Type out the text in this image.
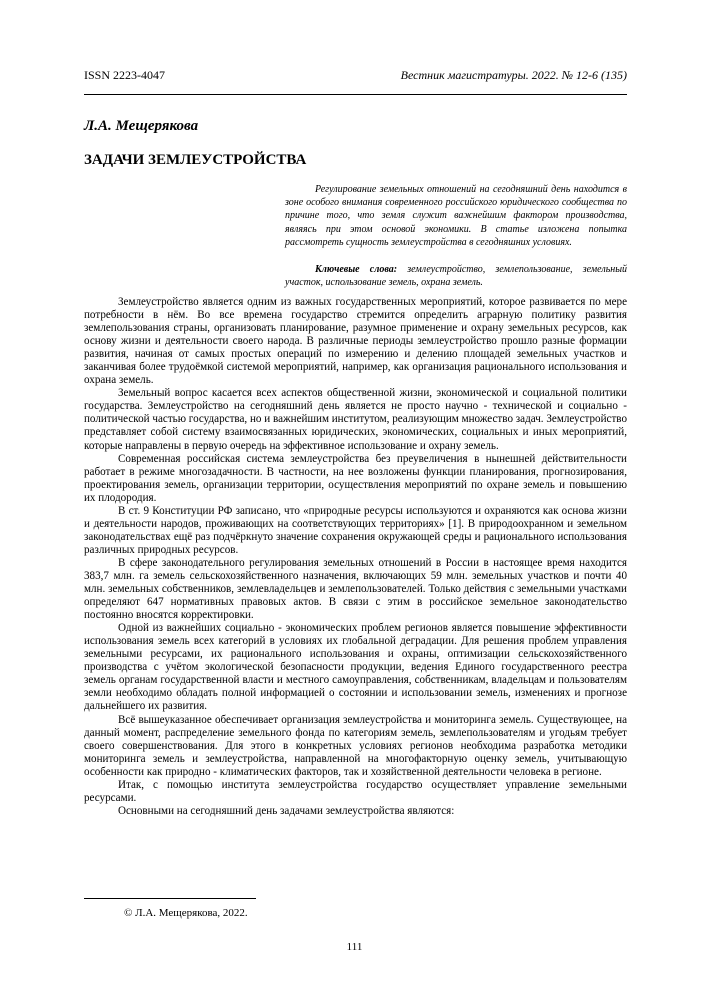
ISSN 2223-4047	Вестник магистратуры. 2022. № 12-6 (135)
Л.А. Мещерякова
ЗАДАЧИ ЗЕМЛЕУСТРОЙСТВА

Регулирование земельных отношений на сегодняшний день находится в зоне особого внимания современного российского юридического сообщества по причине того, что земля служит важнейшим фактором производства, являясь при этом основой экономики. В статье изложена попытка рассмотреть сущность землеустройства в сегодняшних условиях.

Ключевые слова: землеустройство, землепользование, земельный участок, использование земель, охрана земель.

Землеустройство является одним из важных государственных мероприятий, которое развивается по мере потребности в нём. Во все времена государство стремится определить аграрную политику развития землепользования страны, организовать планирование, разумное применение и охрану земельных ресурсов, как основу жизни и деятельности своего народа. В различные периоды землеустройство прошло разные формации развития, начиная от самых простых операций по измерению и делению площадей земельных участков и заканчивая более трудоёмкой системой мероприятий, например, как организация рационального использования и охрана земель.

Земельный вопрос касается всех аспектов общественной жизни, экономической и социальной политики государства. Землеустройство на сегодняшний день является не просто научно - технической и социально - политической частью государства, но и важнейшим институтом, реализующим множество задач. Землеустройство представляет собой систему взаимосвязанных юридических, экономических, социальных и иных мероприятий, которые направлены в первую очередь на эффективное использование и охрану земель.

Современная российская система землеустройства без преувеличения в нынешней действительности работает в режиме многозадачности. В частности, на нее возложены функции планирования, прогнозирования, проектирования земель, организации территории, осуществления мероприятий по охране земель и повышению их плодородия.

В ст. 9 Конституции РФ записано, что «природные ресурсы используются и охраняются как основа жизни и деятельности народов, проживающих на соответствующих территориях» [1]. В природоохранном и земельном законодательствах ещё раз подчёркнуто значение сохранения окружающей среды и рационального использования различных природных ресурсов.

В сфере законодательного регулирования земельных отношений в России в настоящее время находится 383,7 млн. га земель сельскохозяйственного назначения, включающих 59 млн. земельных участков и почти 40 млн. земельных собственников, землевладельцев и землепользователей. Только действия с земельными участками определяют 647 нормативных правовых актов. В связи с этим в российское земельное законодательство постоянно вносятся корректировки.

Одной из важнейших социально - экономических проблем регионов является повышение эффективности использования земель всех категорий в условиях их глобальной деградации. Для решения проблем управления земельными ресурсами, их рационального использования и охраны, оптимизации сельскохозяйственного производства с учётом экологической безопасности продукции, ведения Единого государственного реестра земель органам государственной власти и местного самоуправления, собственникам, владельцам и пользователям земли необходимо обладать полной информацией о состоянии и использовании земель, изменениях и прогнозе дальнейшего их развития.

Всё вышеуказанное обеспечивает организация землеустройства и мониторинга земель. Существующее, на данный момент, распределение земельного фонда по категориям земель, землепользователям и угодьям требует своего совершенствования. Для этого в конкретных условиях регионов необходима разработка методики мониторинга земель и землеустройства, направленной на многофакторную оценку земель, учитывающую особенности как природно - климатических факторов, так и хозяйственной деятельности человека в регионе.

Итак, с помощью института землеустройства государство осуществляет управление земельными ресурсами.

Основными на сегодняшний день задачами землеустройства являются:

© Л.А. Мещерякова, 2022.
111
